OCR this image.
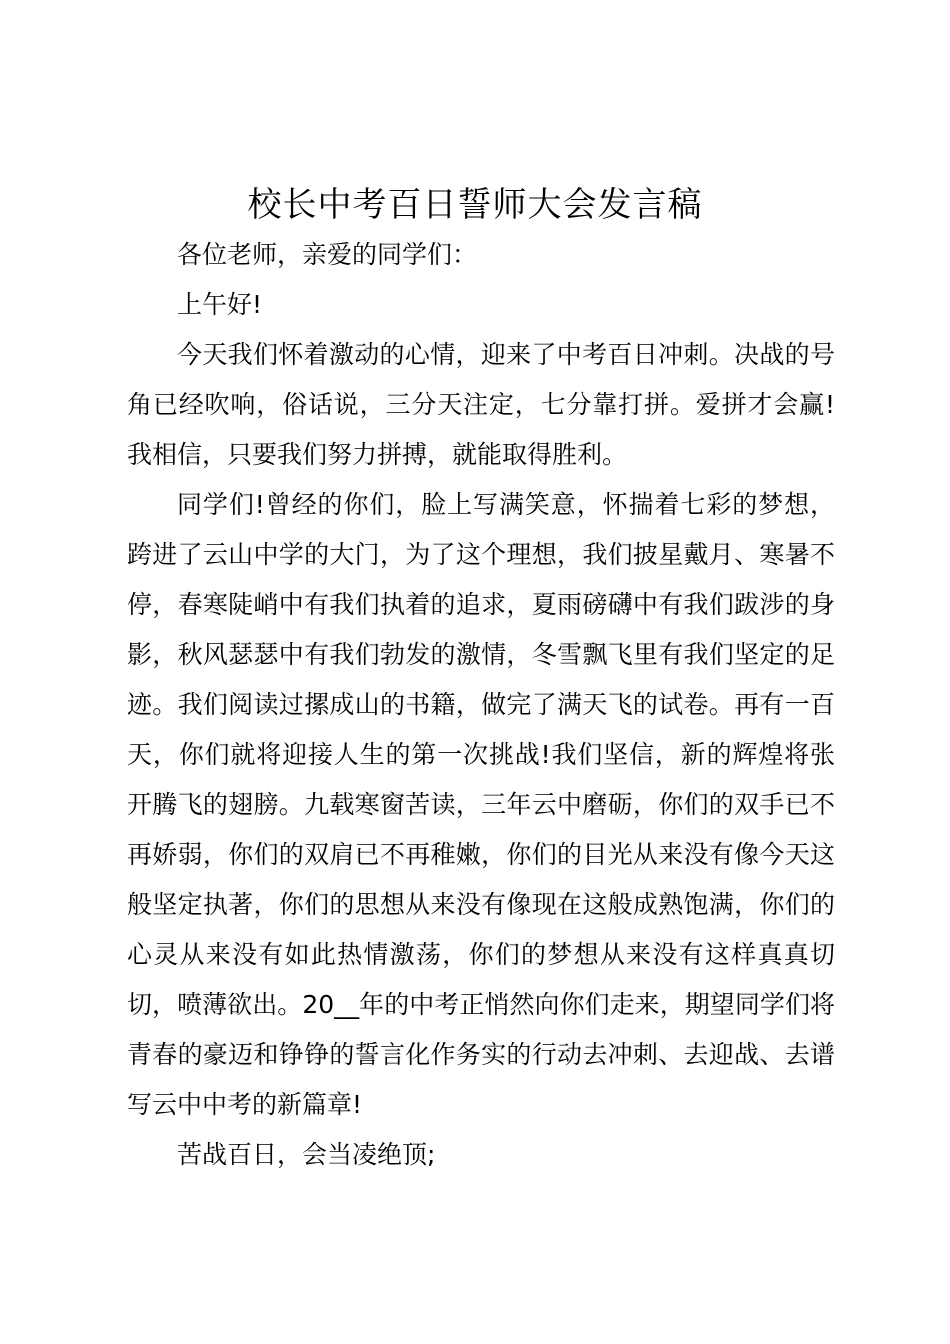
校长中考百日誓师大会发言稿

各位老师，亲爱的同学们：

上午好!

今天我们怀着激动的心情，迎来了中考百日冲刺。决战的号角已经吹响，俗话说，三分天注定，七分靠打拼。爱拼才会赢!我相信，只要我们努力拼搏，就能取得胜利。

同学们!曾经的你们，脸上写满笑意，怀揣着七彩的梦想，跨进了云山中学的大门，为了这个理想，我们披星戴月、寒暑不停，春寒陡峭中有我们执着的追求，夏雨磅礴中有我们跋涉的身影，秋风瑟瑟中有我们勃发的激情，冬雪飘飞里有我们坚定的足迹。我们阅读过摞成山的书籍，做完了满天飞的试卷。再有一百天，你们就将迎接人生的第一次挑战!我们坚信，新的辉煌将张开腾飞的翅膀。九载寒窗苦读，三年云中磨砺，你们的双手已不再娇弱，你们的双肩已不再稚嫩，你们的目光从来没有像今天这般坚定执著，你们的思想从来没有像现在这般成熟饱满，你们的心灵从来没有如此热情激荡，你们的梦想从来没有这样真真切切，喷薄欲出。20__年的中考正悄然向你们走来，期望同学们将青春的豪迈和铮铮的誓言化作务实的行动去冲刺、去迎战、去谱写云中中考的新篇章!

苦战百日，会当凌绝顶;
